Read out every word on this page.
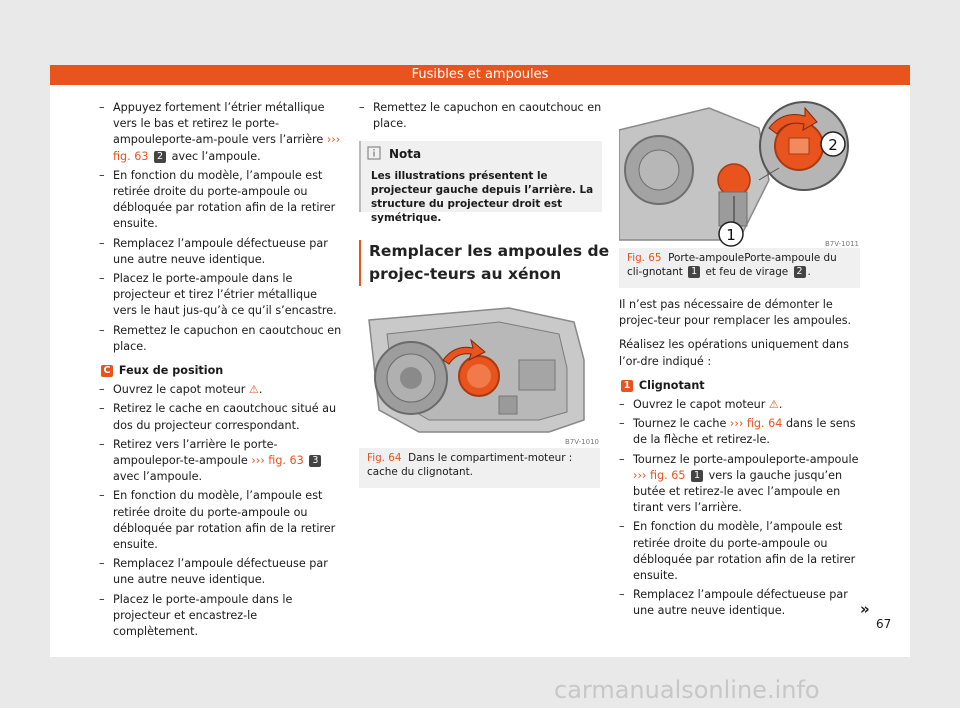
Fusibles et ampoules
– Appuyez fortement l’étrier métallique vers le bas et retirez le porte-ampouleporte-am-poule vers l’arrière ››› fig. 63 2 avec l’ampoule.
– En fonction du modèle, l’ampoule est retirée droite du porte-ampoule ou débloquée par rotation afin de la retirer ensuite.
– Remplacez l’ampoule défectueuse par une autre neuve identique.
– Placez le porte-ampoule dans le projecteur et tirez l’étrier métallique vers le haut jus-qu’à ce qu’il s’encastre.
– Remettez le capuchon en caoutchouc en place.
C
Feux de position
– Ouvrez le capot moteur ⚠.
– Retirez le cache en caoutchouc situé au dos du projecteur correspondant.
– Retirez vers l’arrière le porte-ampoulepor-te-ampoule ››› fig. 63 3 avec l’ampoule.
– En fonction du modèle, l’ampoule est retirée droite du porte-ampoule ou débloquée par rotation afin de la retirer ensuite.
– Remplacez l’ampoule défectueuse par une autre neuve identique.
– Placez le porte-ampoule dans le projecteur et encastrez-le complètement.
– Remettez le capuchon en caoutchouc en place.
Nota
Les illustrations présentent le projecteur gauche depuis l’arrière. La structure du projecteur droit est symétrique.
Remplacer les ampoules de projec-teurs au xénon
B7V-1010
Fig. 64 Dans le compartiment-moteur : cache du clignotant.
2
1	B7V-1011
Fig. 65 Porte-ampoulePorte-ampoule du cli-gnotant 1 et feu de virage 2 .
Il n’est pas nécessaire de démonter le projec-teur pour remplacer les ampoules.
Réalisez les opérations uniquement dans l’or-dre indiqué :
1
Clignotant
– Ouvrez le capot moteur ⚠.
– Tournez le cache ››› fig. 64 dans le sens de la flèche et retirez-le.
– Tournez le porte-ampouleporte-ampoule ››› fig. 65 1 vers la gauche jusqu’en butée et retirez-le avec l’ampoule en tirant vers l’arrière.
– En fonction du modèle, l’ampoule est retirée droite du porte-ampoule ou débloquée par rotation afin de la retirer ensuite.
– Remplacez l’ampoule défectueuse par une autre neuve identique.	»
67
carmanualsonline.info
